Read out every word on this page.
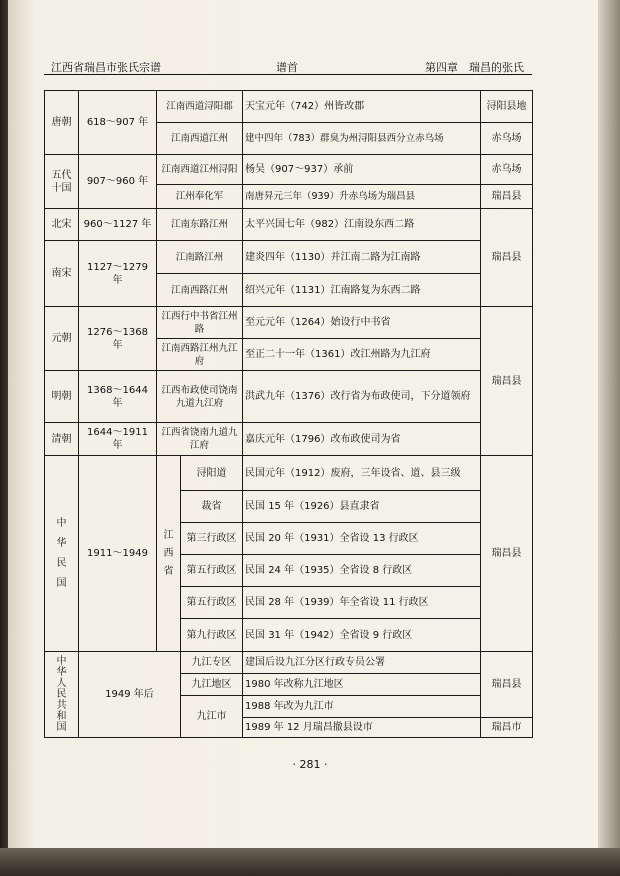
江西省瑞昌市张氏宗谱	谱首	第四章　瑞昌的张氏
唐朝	618～907 年	江南西道浔阳郡		天宝元年（742）州皆改郡	浔阳县地
		江南西道江州		建中四年（783）群臭为州浔阳县西分立赤乌场	赤乌场
五代十国	907～960 年	江南西道江州浔阳		杨吴（907～937）承前	赤乌场
		江州奉化军		南唐昇元三年（939）升赤乌场为瑞昌县	瑞昌县
北宋	960～1127 年	江南东路江州		太平兴国七年（982）江南设东西二路	瑞昌县
南宋	1127～1279 年	江南路江州		建炎四年（1130）并江南二路为江南路	
		江南西路江州		绍兴元年（1131）江南路复为东西二路	
元朝	1276～1368 年	江西行中书省江州路		至元元年（1264）始设行中书省	瑞昌县
		江南西路江州九江府		至正二十一年（1361）改江州路为九江府	
明朝	1368～1644 年	江西布政使司饶南九道九江府		洪武九年（1376）改行省为布政使司，下分道领府	
清朝	1644～1911 年	江西省饶南九道九江府		嘉庆元年（1796）改布政使司为省	

中华民国	1911～1949	江西省	浔阳道	民国元年（1912）废府，三年设省、道、县三级	瑞昌县
			裁省	民国 15 年（1926）县直隶省	
			第三行政区	民国 20 年（1931）全省设 13 行政区	
			第五行政区	民国 24 年（1935）全省设 8 行政区	
			第五行政区	民国 28 年（1939）年全省设 11 行政区	
			第九行政区	民国 31 年（1942）全省设 9 行政区	

中华人民共和国	1949 年后		九江专区	建国后设九江分区行政专员公署	瑞昌县
			九江地区	1980 年改称九江地区	
			九江市	1988 年改为九江市	
				1989 年 12 月瑞昌撤县设市	瑞昌市
· 281 ·
